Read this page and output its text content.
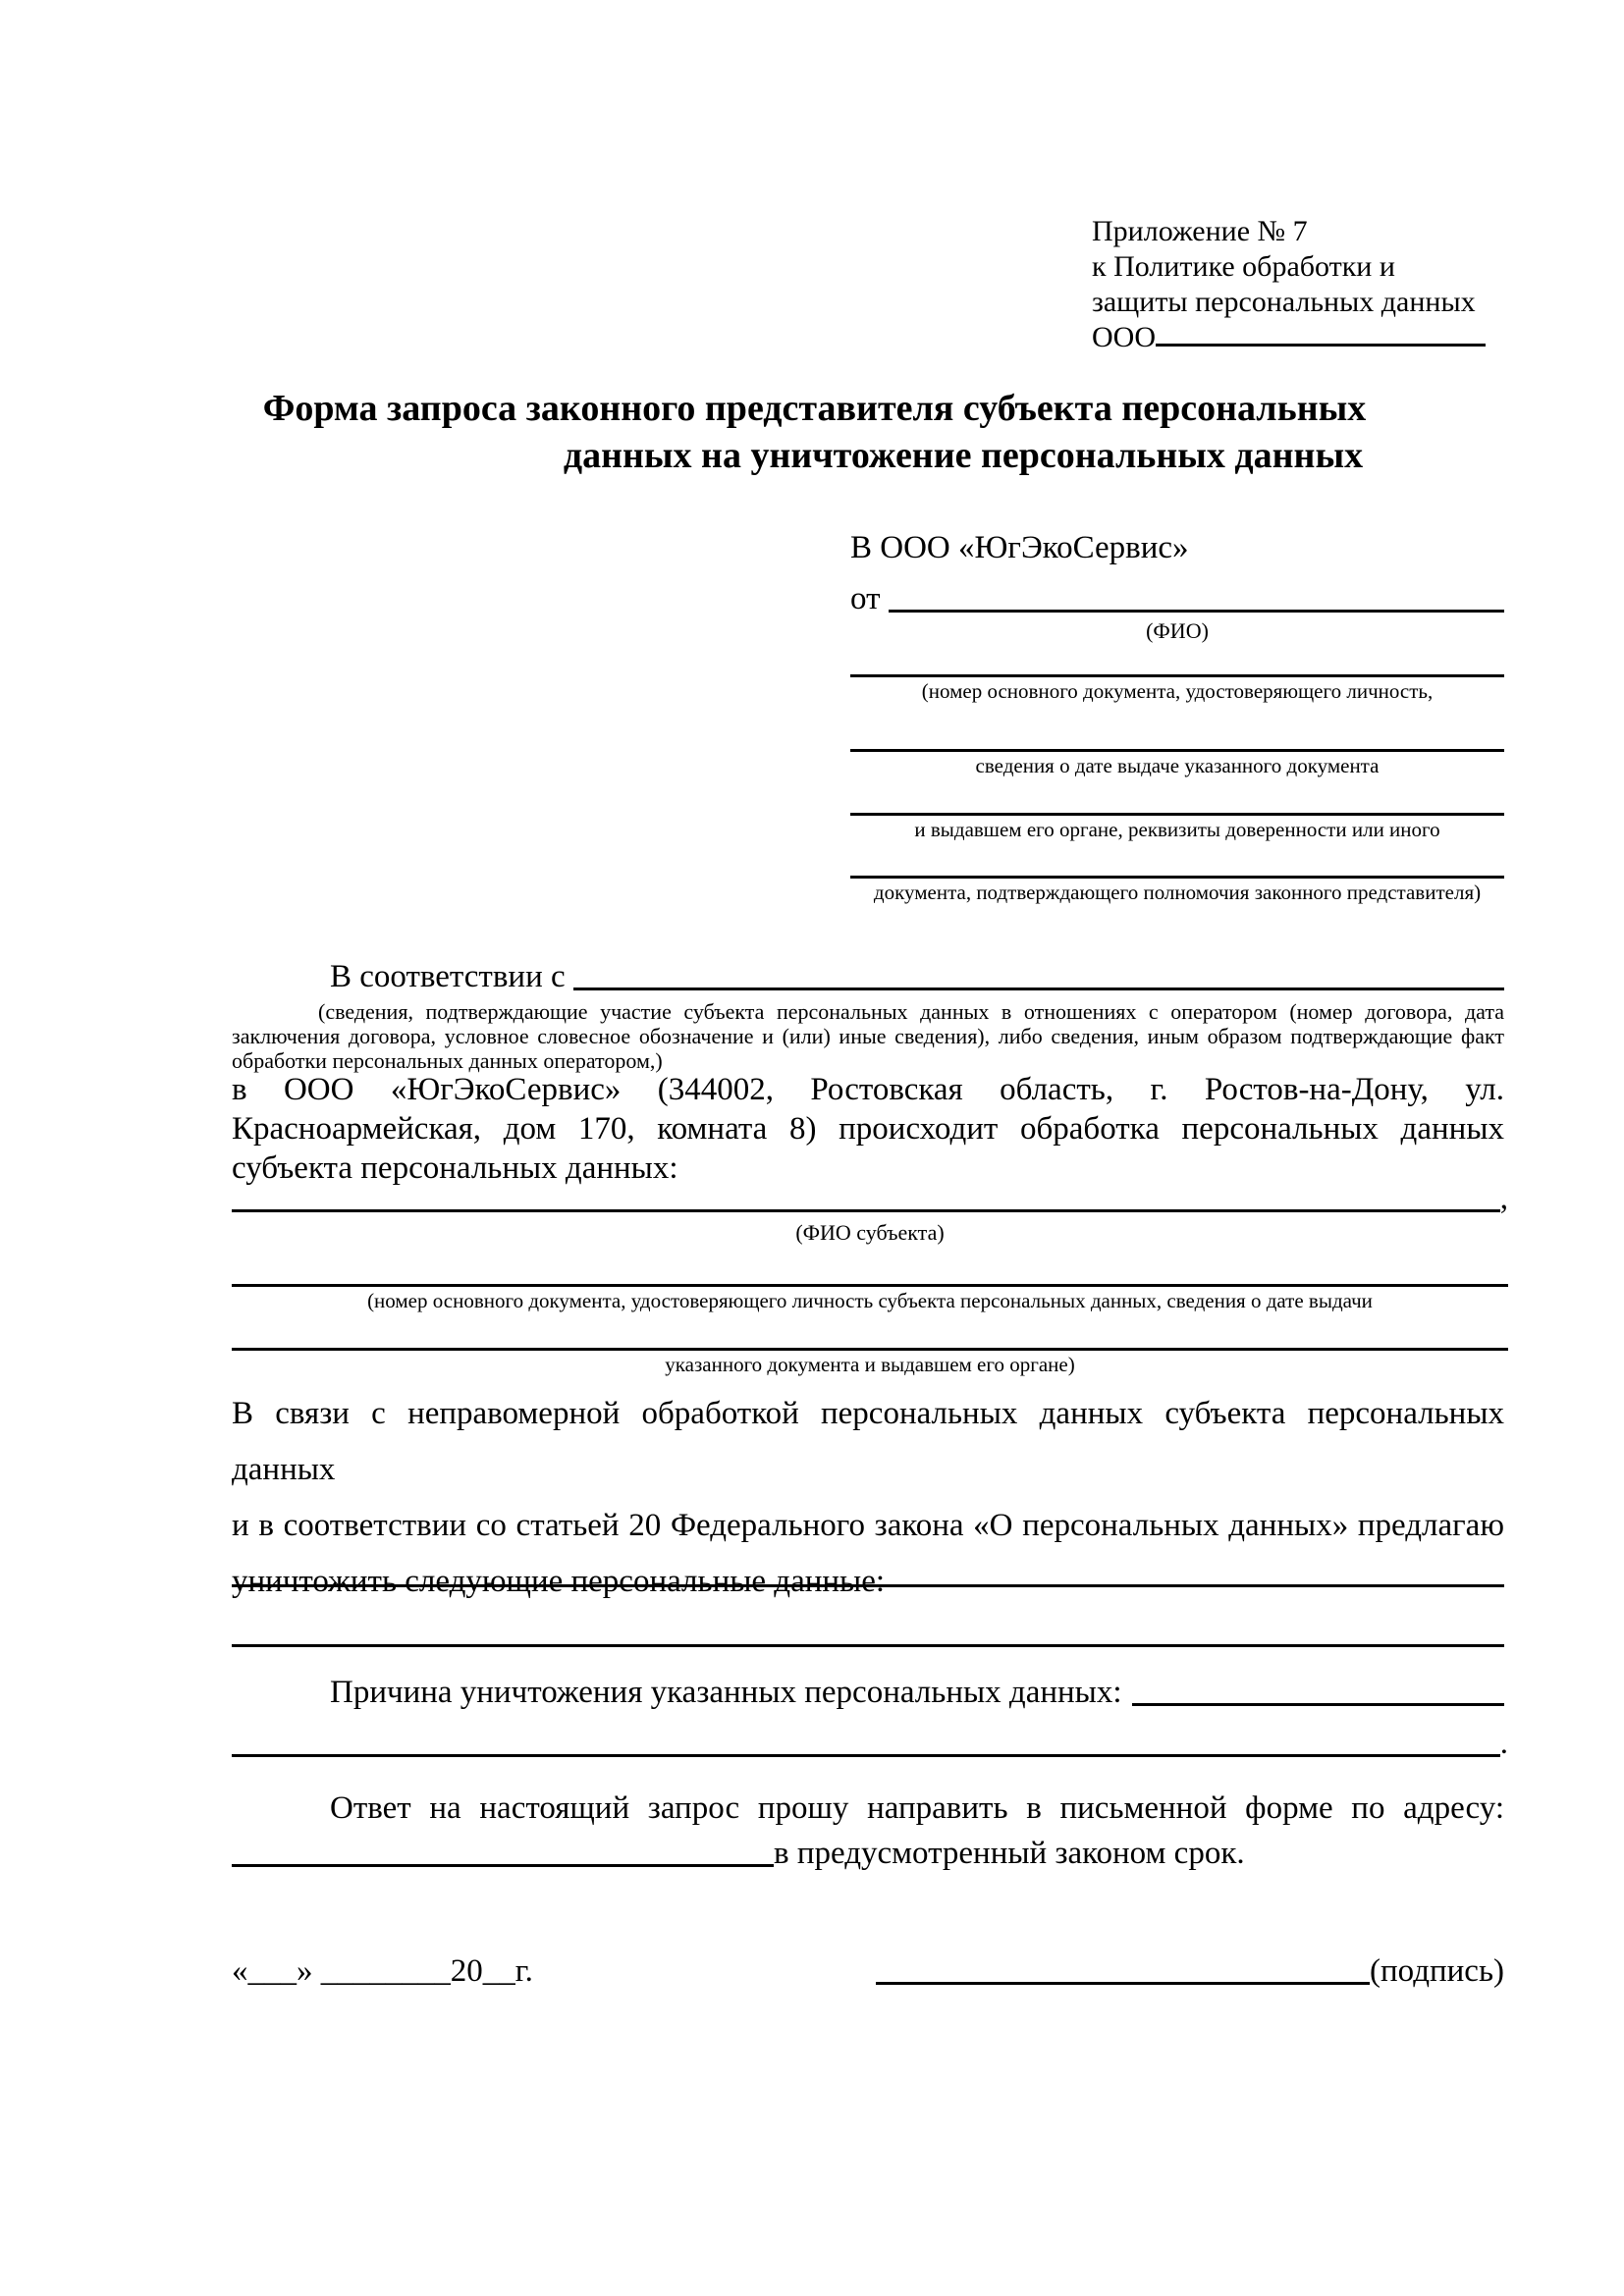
Приложение № 7
к Политике обработки и
защиты персональных данных
ООО
Форма запроса законного представителя субъекта персональных
данных на уничтожение персональных данных
В ООО «ЮгЭкоСервис»
от

(ФИО)
(номер основного документа, удостоверяющего личность,
сведения о дате выдаче указанного документа
и выдавшем его органе, реквизиты доверенности или иного
документа, подтверждающего полномочия законного представителя)
В соответствии с
(сведения, подтверждающие участие субъекта персональных данных в отношениях с оператором (номер договора, дата
заключения договора, условное словесное обозначение и (или) иные сведения), либо сведения, иным образом подтверждающие факт
обработки персональных данных оператором,)
в ООО «ЮгЭкоСервис» (344002, Ростовская область, г. Ростов-на-Дону, ул.
Красноармейская, дом 170, комната 8) происходит обработка персональных данных
субъекта персональных данных:
,
(ФИО субъекта)
(номер основного документа, удостоверяющего личность субъекта персональных данных, сведения о дате выдачи
указанного документа и выдавшем его органе)
В связи с неправомерной обработкой персональных данных субъекта персональных данных
и в соответствии со статьей 20 Федерального закона «О персональных данных» предлагаю
уничтожить следующие персональные данные:
Причина уничтожения указанных персональных данных:
.
Ответ на настоящий запрос прошу направить в письменной форме по адресу:
в предусмотренный законом срок.
«___» ________20__г.	(подпись)
